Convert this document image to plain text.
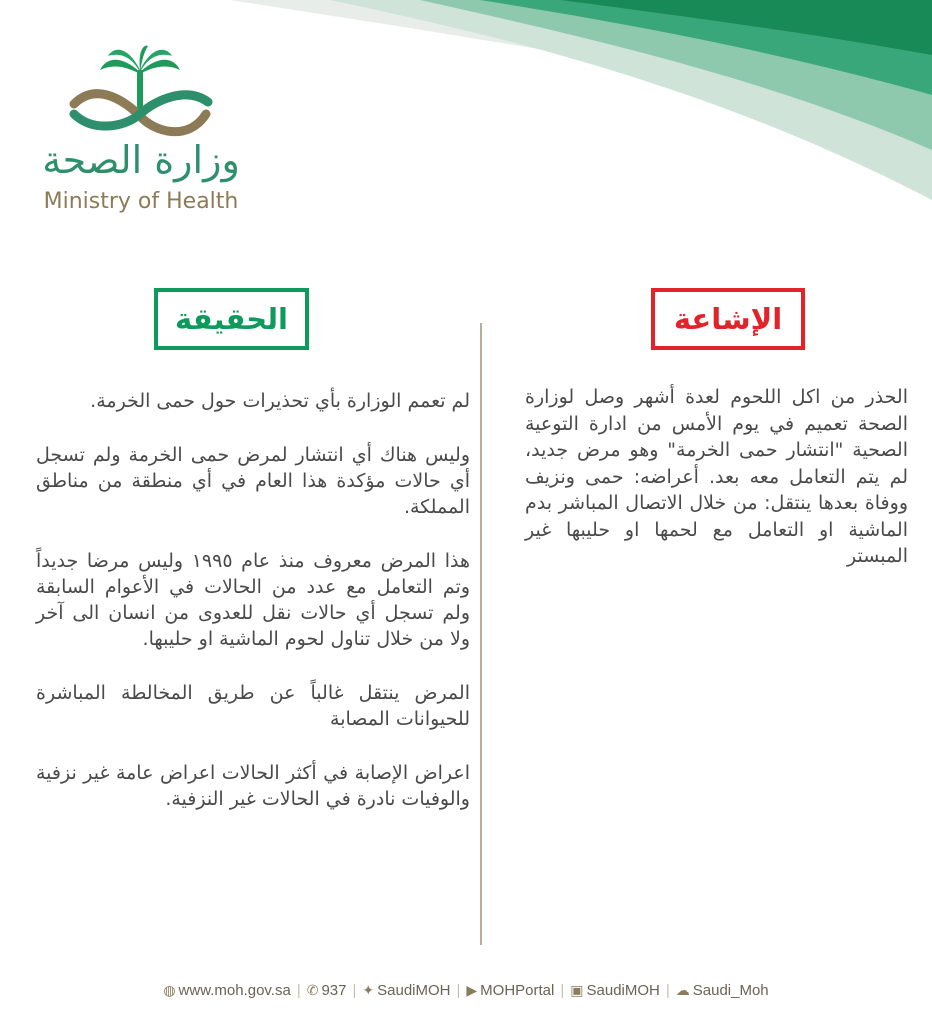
وزارة الصحة
Ministry of Health
الحقيقة	الإشاعة

لم تعمم الوزارة بأي تحذيرات حول حمى الخرمة.

وليس هناك أي انتشار لمرض حمى الخرمة ولم تسجل أي حالات مؤكدة هذا العام في أي منطقة من مناطق المملكة.

هذا المرض معروف منذ عام ١٩٩٥ وليس مرضا جديداً وتم التعامل مع عدد من الحالات في الأعوام السابقة ولم تسجل أي حالات نقل للعدوى من انسان الى آخر ولا من خلال تناول لحوم الماشية او حليبها.

المرض ينتقل غالباً عن طريق المخالطة المباشرة للحيوانات المصابة

اعراض الإصابة في أكثر الحالات اعراض عامة غير نزفية والوفيات نادرة في الحالات غير النزفية.

الحذر من اكل اللحوم لعدة أشهر وصل لوزارة الصحة تعميم في يوم الأمس من ادارة التوعية الصحية "انتشار حمى الخرمة" وهو مرض جديد، لم يتم التعامل معه بعد. أعراضه: حمى ونزيف ووفاة بعدها ينتقل: من خلال الاتصال المباشر بدم الماشية او التعامل مع لحمها او حليبها غير المبستر

◍ www.moh.gov.sa | ✆ 937 | ✦ SaudiMOH | ▶ MOHPortal | ▣ SaudiMOH | ☁ Saudi_Moh
